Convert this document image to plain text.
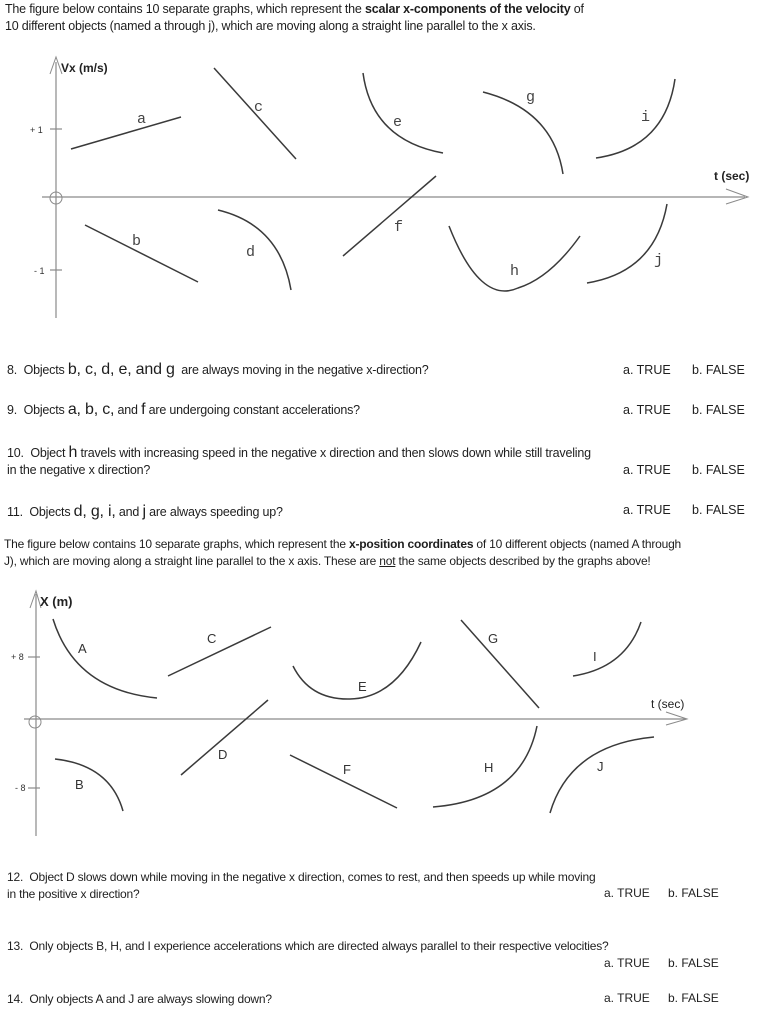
The figure below contains 10 separate graphs, which represent the scalar x-components of the velocity of
10 different objects (named a through j), which are moving along a straight line parallel to the x axis.
Vx (m/s)
t (sec)
+ 1
- 1
a
b
c
d
e
f
g
h
i
j
8. Objects b, c, d, e, and g  are always moving in the negative x-direction?	a. TRUE b. FALSE
9. Objects a, b, c, and f are undergoing constant accelerations?	a. TRUE b. FALSE
10. Object h travels with increasing speed in the negative x direction and then slows down while still traveling
in the negative x direction?	a. TRUE b. FALSE
11. Objects d, g, i, and j are always speeding up?	a. TRUE b. FALSE
The figure below contains 10 separate graphs, which represent the x-position coordinates of 10 different objects (named A through
J), which are moving along a straight line parallel to the x axis. These are not the same objects described by the graphs above!
X (m)
t (sec)
+ 8
- 8
A
B
C
D
E
F
G
H
I
J
12. Object D slows down while moving in the negative x direction, comes to rest, and then speeds up while moving
in the positive x direction?	a. TRUE b. FALSE
13. Only objects B, H, and I experience accelerations which are directed always parallel to their respective velocities?
a. TRUE b. FALSE
14. Only objects A and J are always slowing down?	a. TRUE b. FALSE
